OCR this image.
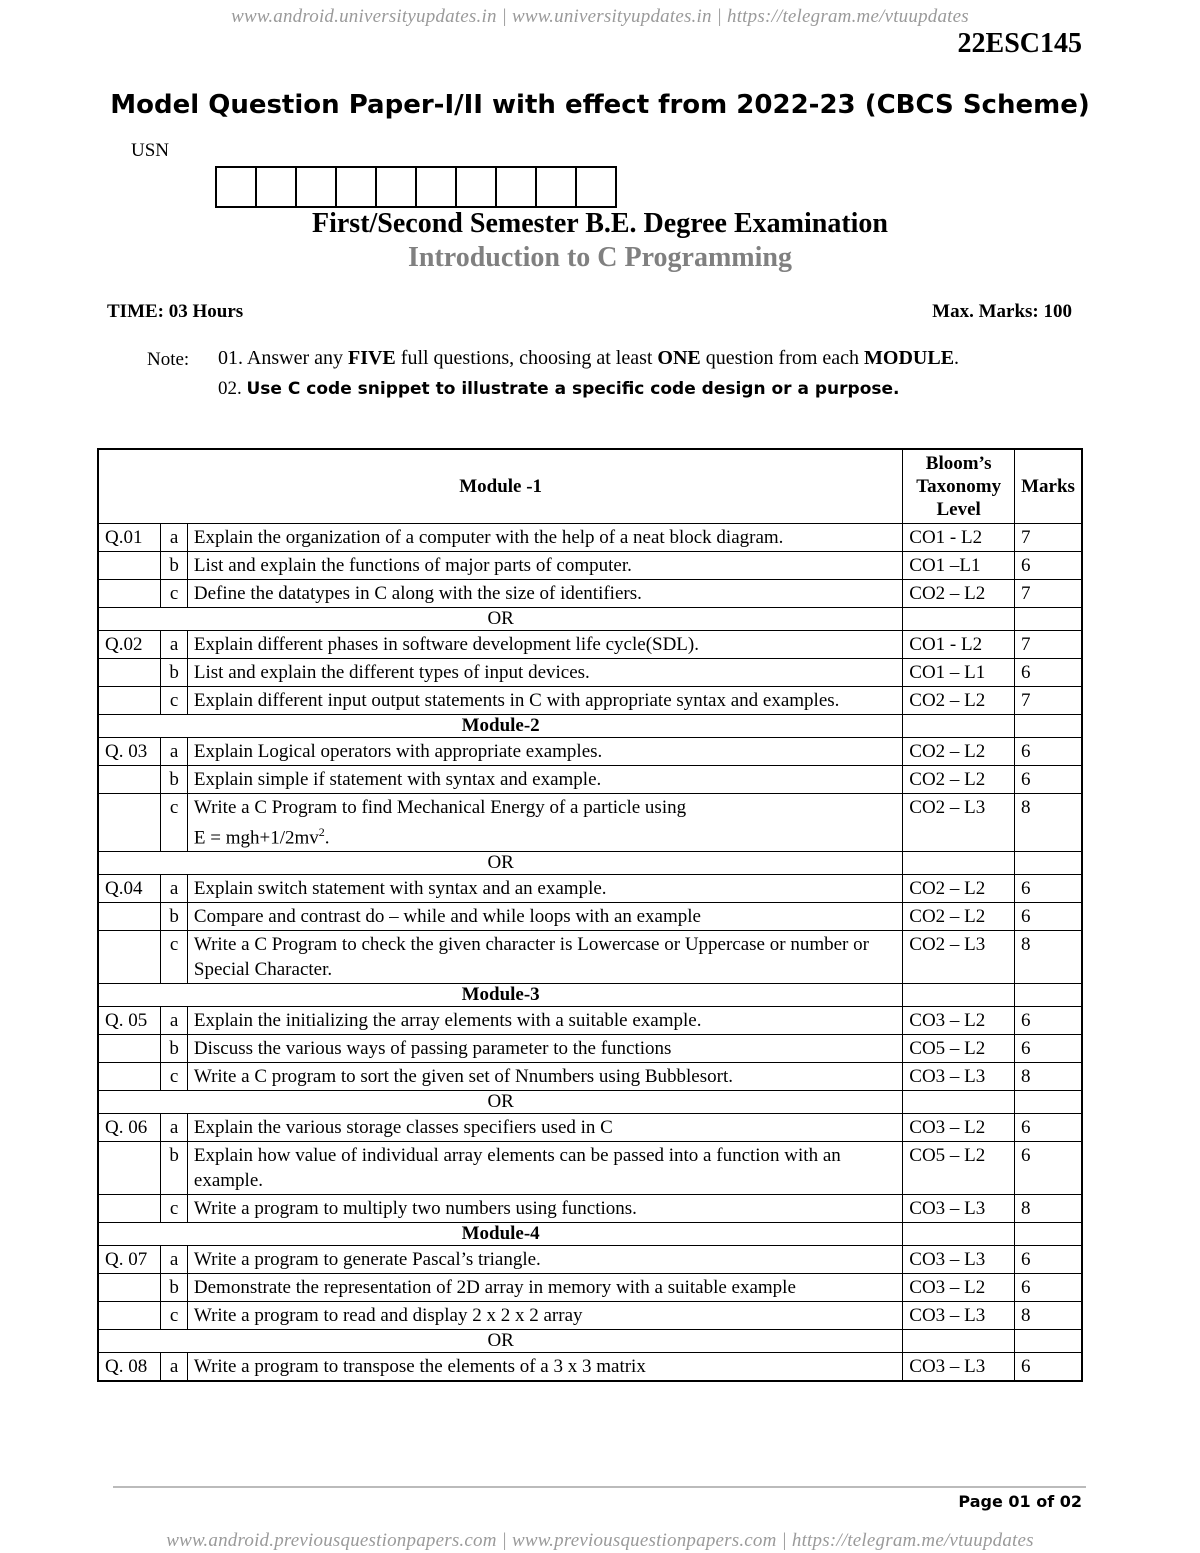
www.android.universityupdates.in | www.universityupdates.in | https://telegram.me/vtuupdates
22ESC145
Model Question Paper-I/II with effect from 2022-23 (CBCS Scheme)
USN
First/Second Semester B.E. Degree Examination
Introduction to C Programming
TIME: 03 Hours	Max. Marks: 100
Note: 01. Answer any FIVE full questions, choosing at least ONE question from each MODULE.
02. Use C code snippet to illustrate a specific code design or a purpose.
Module -1			Bloom’s Taxonomy Level	Marks
Q.01	a	Explain the organization of a computer with the help of a neat block diagram.	CO1 - L2	7
	b	List and explain the functions of major parts of computer.	CO1 –L1	6
	c	Define the datatypes in C along with the size of identifiers.	CO2 – L2	7
OR				
Q.02	a	Explain different phases in software development life cycle(SDL).	CO1 - L2	7
	b	List and explain the different types of input devices.	CO1 – L1	6
	c	Explain different input output statements in C with appropriate syntax and examples.	CO2 – L2	7
Module-2				
Q. 03	a	Explain Logical operators with appropriate examples.	CO2 – L2	6
	b	Explain simple if statement with syntax and example.	CO2 – L2	6
	c	Write a C Program to find Mechanical Energy of a particle using
$E = mgh+1/2mv^2$.	CO2 – L3	8
OR				
Q.04	a	Explain switch statement with syntax and an example.	CO2 – L2	6
	b	Compare and contrast do – while and while loops with an example	CO2 – L2	6
	c	Write a C Program to check the given character is Lowercase or Uppercase or number or Special Character.	CO2 – L3	8
Module-3				
Q. 05	a	Explain the initializing the array elements with a suitable example.	CO3 – L2	6
	b	Discuss the various ways of passing parameter to the functions	CO5 – L2	6
	c	Write a C program to sort the given set of Nnumbers using Bubblesort.	CO3 – L3	8
OR				
Q. 06	a	Explain the various storage classes specifiers used in C	CO3 – L2	6
	b	Explain how value of individual array elements can be passed into a function with an example.	CO5 – L2	6
	c	Write a program to multiply two numbers using functions.	CO3 – L3	8
Module-4				
Q. 07	a	Write a program to generate Pascal’s triangle.	CO3 – L3	6
	b	Demonstrate the representation of 2D array in memory with a suitable example	CO3 – L2	6
	c	Write a program to read and display 2 x 2 x 2 array	CO3 – L3	8
OR				
Q. 08	a	Write a program to transpose the elements of a 3 x 3 matrix	CO3 – L3	6
Page 01 of 02
www.android.previousquestionpapers.com | www.previousquestionpapers.com | https://telegram.me/vtuupdates
